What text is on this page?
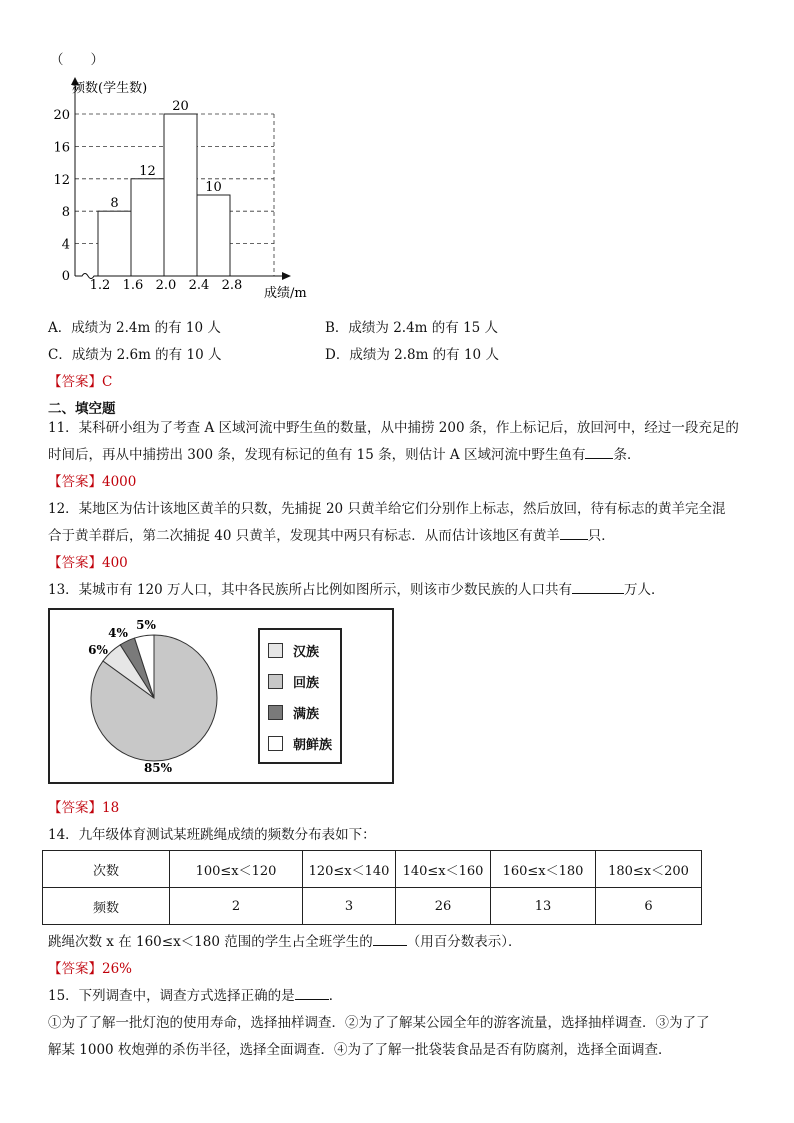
（　　）
8
12
20
10
20
16
12
8
4
0
1.2 1.6 2.0 2.4 2.8
频数(学生数)
成绩/m
A．成绩为 2.4m 的有 10 人	B．成绩为 2.4m 的有 15 人
C．成绩为 2.6m 的有 10 人	D．成绩为 2.8m 的有 10 人
【答案】C
二、填空题
11．某科研小组为了考查 A 区域河流中野生鱼的数量，从中捕捞 200 条，作上标记后，放回河中，经过一段充足的
时间后，再从中捕捞出 300 条，发现有标记的鱼有 15 条，则估计 A 区域河流中野生鱼有 条．
【答案】4000
12．某地区为估计该地区黄羊的只数，先捕捉 20 只黄羊给它们分别作上标志，然后放回，待有标志的黄羊完全混
合于黄羊群后，第二次捕捉 40 只黄羊，发现其中两只有标志．从而估计该地区有黄羊 只．
【答案】400
13．某城市有 120 万人口，其中各民族所占比例如图所示，则该市少数民族的人口共有	万人．
85%
6%
4%
5%
汉族
回族
满族
朝鲜族
【答案】18
14．九年级体育测试某班跳绳成绩的频数分布表如下：
次数	100≤x＜120	120≤x＜140	140≤x＜160	160≤x＜180	180≤x＜200
频数	2	3	26	13	6
跳绳次数 x 在 160≤x＜180 范围的学生占全班学生的	（用百分数表示）．
【答案】26%
15．下列调查中，调查方式选择正确的是	．
①为了了解一批灯泡的使用寿命，选择抽样调查．②为了了解某公园全年的游客流量，选择抽样调查．③为了了
解某 1000 枚炮弹的杀伤半径，选择全面调查．④为了了解一批袋装食品是否有防腐剂，选择全面调查．
